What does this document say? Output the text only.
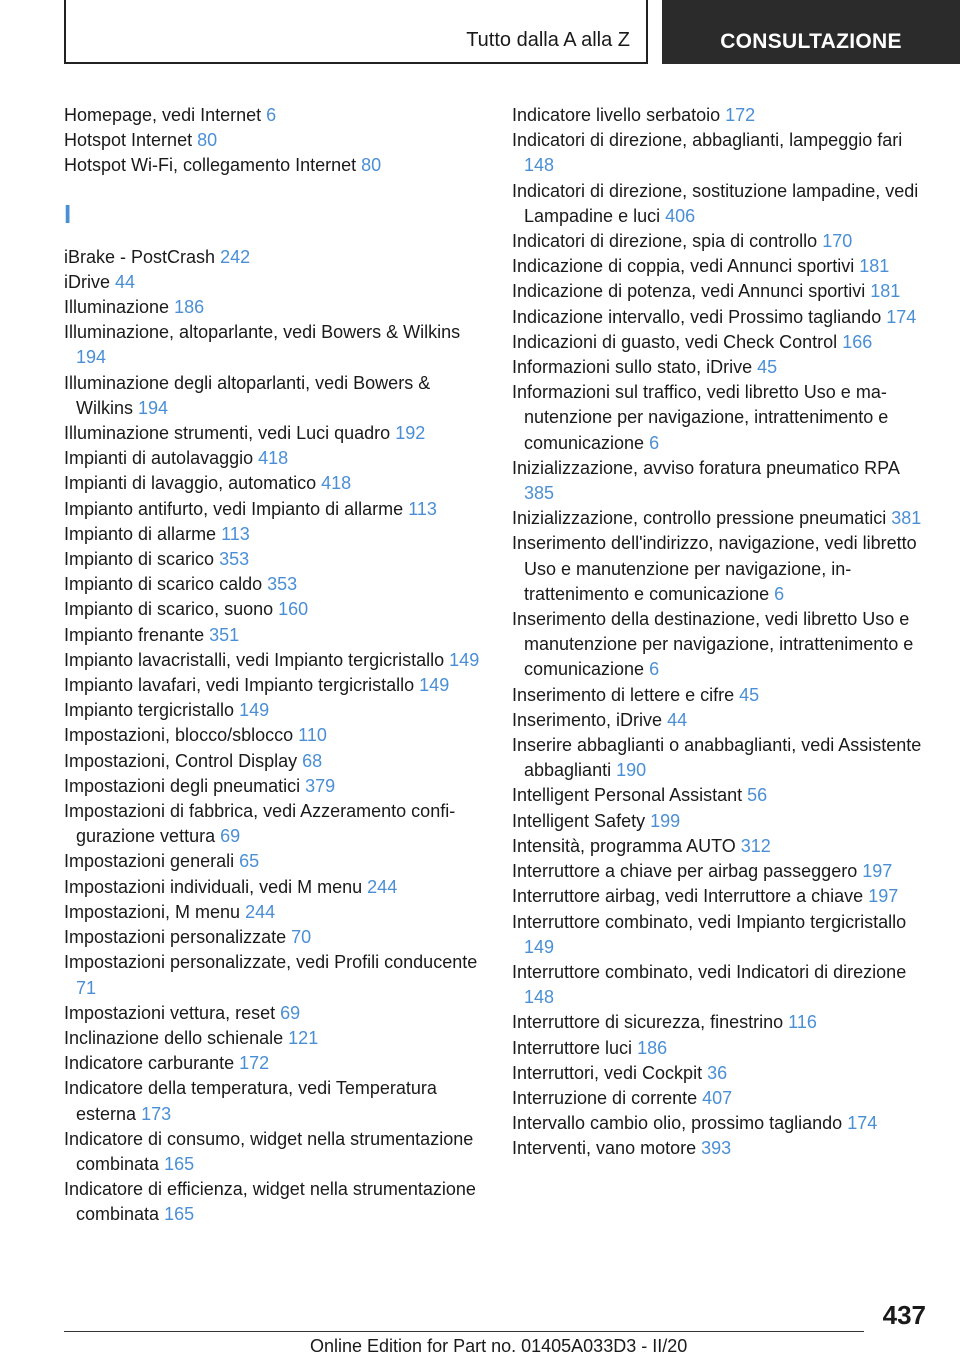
Tutto dalla A alla Z	CONSULTAZIONE

Homepage, vedi Internet 6

Hotspot Internet 80

Hotspot Wi-Fi, collegamento Internet 80

I

iBrake - PostCrash 242

iDrive 44

Illuminazione 186

Illuminazione, altoparlante, vedi Bowers & Wilkins 194

Illuminazione degli altoparlanti, vedi Bowers & Wilkins 194

Illuminazione strumenti, vedi Luci quadro 192

Impianti di autolavaggio 418

Impianti di lavaggio, automatico 418

Impianto antifurto, vedi Impianto di allarme 113

Impianto di allarme 113

Impianto di scarico 353

Impianto di scarico caldo 353

Impianto di scarico, suono 160

Impianto frenante 351

Impianto lavacristalli, vedi Impianto tergicristallo 149

Impianto lavafari, vedi Impianto tergicristallo 149

Impianto tergicristallo 149

Impostazioni, blocco/sblocco 110

Impostazioni, Control Display 68

Impostazioni degli pneumatici 379

Impostazioni di fabbrica, vedi Azzeramento configurazione vettura 69

Impostazioni generali 65

Impostazioni individuali, vedi M menu 244

Impostazioni, M menu 244

Impostazioni personalizzate 70

Impostazioni personalizzate, vedi Profili conducente 71

Impostazioni vettura, reset 69

Inclinazione dello schienale 121

Indicatore carburante 172

Indicatore della temperatura, vedi Temperatura esterna 173

Indicatore di consumo, widget nella strumentazione combinata 165

Indicatore di efficienza, widget nella strumentazione combinata 165

Indicatore livello serbatoio 172

Indicatori di direzione, abbaglianti, lampeggio fari 148

Indicatori di direzione, sostituzione lampadine, vedi Lampadine e luci 406

Indicatori di direzione, spia di controllo 170

Indicazione di coppia, vedi Annunci sportivi 181

Indicazione di potenza, vedi Annunci sportivi 181

Indicazione intervallo, vedi Prossimo tagliando 174

Indicazioni di guasto, vedi Check Control 166

Informazioni sullo stato, iDrive 45

Informazioni sul traffico, vedi libretto Uso e manutenzione per navigazione, intrattenimento e comunicazione 6

Inizializzazione, avviso foratura pneumatico RPA 385

Inizializzazione, controllo pressione pneumatici 381

Inserimento dell'indirizzo, navigazione, vedi libretto Uso e manutenzione per navigazione, intrattenimento e comunicazione 6

Inserimento della destinazione, vedi libretto Uso e manutenzione per navigazione, intrattenimento e comunicazione 6

Inserimento di lettere e cifre 45

Inserimento, iDrive 44

Inserire abbaglianti o anabbaglianti, vedi Assistente abbaglianti 190

Intelligent Personal Assistant 56

Intelligent Safety 199

Intensità, programma AUTO 312

Interruttore a chiave per airbag passeggero 197

Interruttore airbag, vedi Interruttore a chiave 197

Interruttore combinato, vedi Impianto tergicristallo 149

Interruttore combinato, vedi Indicatori di direzione 148

Interruttore di sicurezza, finestrino 116

Interruttore luci 186

Interruttori, vedi Cockpit 36

Interruzione di corrente 407

Intervallo cambio olio, prossimo tagliando 174

Interventi, vano motore 393

437
Online Edition for Part no. 01405A033D3 - II/20
